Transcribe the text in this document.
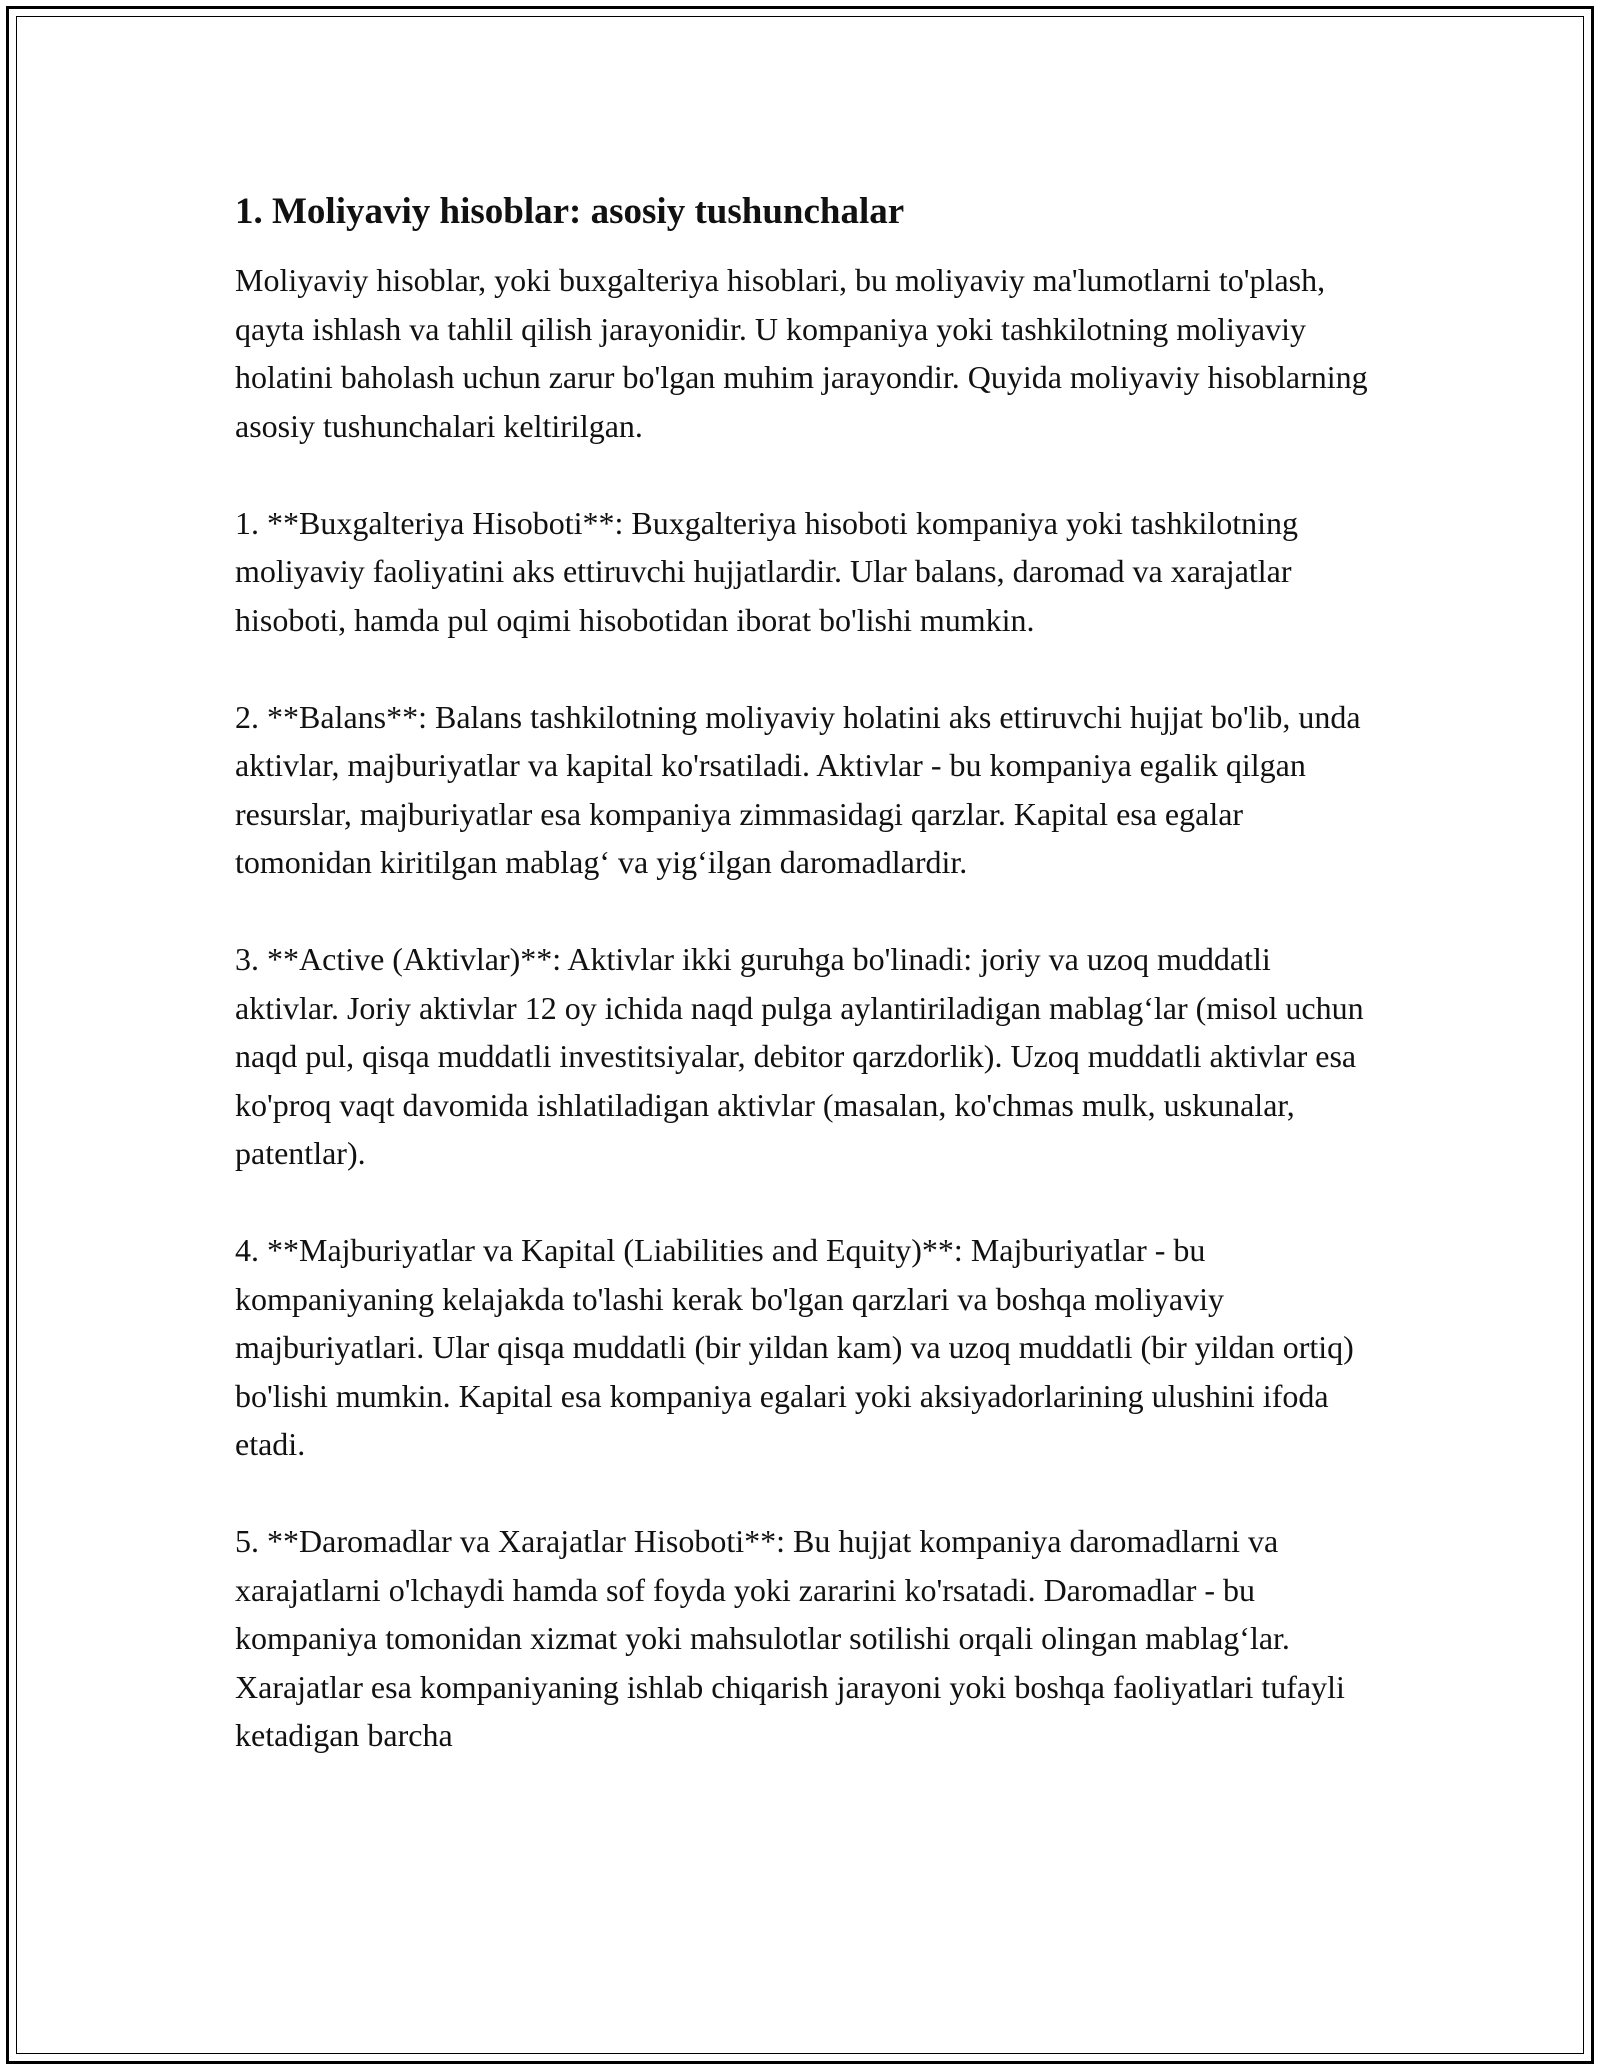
1. Moliyaviy hisoblar: asosiy tushunchalar

Moliyaviy hisoblar, yoki buxgalteriya hisoblari, bu moliyaviy ma'lumotlarni to'plash, qayta ishlash va tahlil qilish jarayonidir. U kompaniya yoki tashkilotning moliyaviy holatini baholash uchun zarur bo'lgan muhim jarayondir. Quyida moliyaviy hisoblarning asosiy tushunchalari keltirilgan.

1. **Buxgalteriya Hisoboti**: Buxgalteriya hisoboti kompaniya yoki tashkilotning moliyaviy faoliyatini aks ettiruvchi hujjatlardir. Ular balans, daromad va xarajatlar hisoboti, hamda pul oqimi hisobotidan iborat bo'lishi mumkin.

2. **Balans**: Balans tashkilotning moliyaviy holatini aks ettiruvchi hujjat bo'lib, unda aktivlar, majburiyatlar va kapital ko'rsatiladi. Aktivlar - bu kompaniya egalik qilgan resurslar, majburiyatlar esa kompaniya zimmasidagi qarzlar. Kapital esa egalar tomonidan kiritilgan mablag‘ va yig‘ilgan daromadlardir.

3. **Active (Aktivlar)**: Aktivlar ikki guruhga bo'linadi: joriy va uzoq muddatli aktivlar. Joriy aktivlar 12 oy ichida naqd pulga aylantiriladigan mablag‘lar (misol uchun naqd pul, qisqa muddatli investitsiyalar, debitor qarzdorlik). Uzoq muddatli aktivlar esa ko'proq vaqt davomida ishlatiladigan aktivlar (masalan, ko'chmas mulk, uskunalar, patentlar).

4. **Majburiyatlar va Kapital (Liabilities and Equity)**: Majburiyatlar - bu kompaniyaning kelajakda to'lashi kerak bo'lgan qarzlari va boshqa moliyaviy majburiyatlari. Ular qisqa muddatli (bir yildan kam) va uzoq muddatli (bir yildan ortiq) bo'lishi mumkin. Kapital esa kompaniya egalari yoki aksiyadorlarining ulushini ifoda etadi.

5. **Daromadlar va Xarajatlar Hisoboti**: Bu hujjat kompaniya daromadlarni va xarajatlarni o'lchaydi hamda sof foyda yoki zararini ko'rsatadi. Daromadlar - bu kompaniya tomonidan xizmat yoki mahsulotlar sotilishi orqali olingan mablag‘lar. Xarajatlar esa kompaniyaning ishlab chiqarish jarayoni yoki boshqa faoliyatlari tufayli ketadigan barcha
